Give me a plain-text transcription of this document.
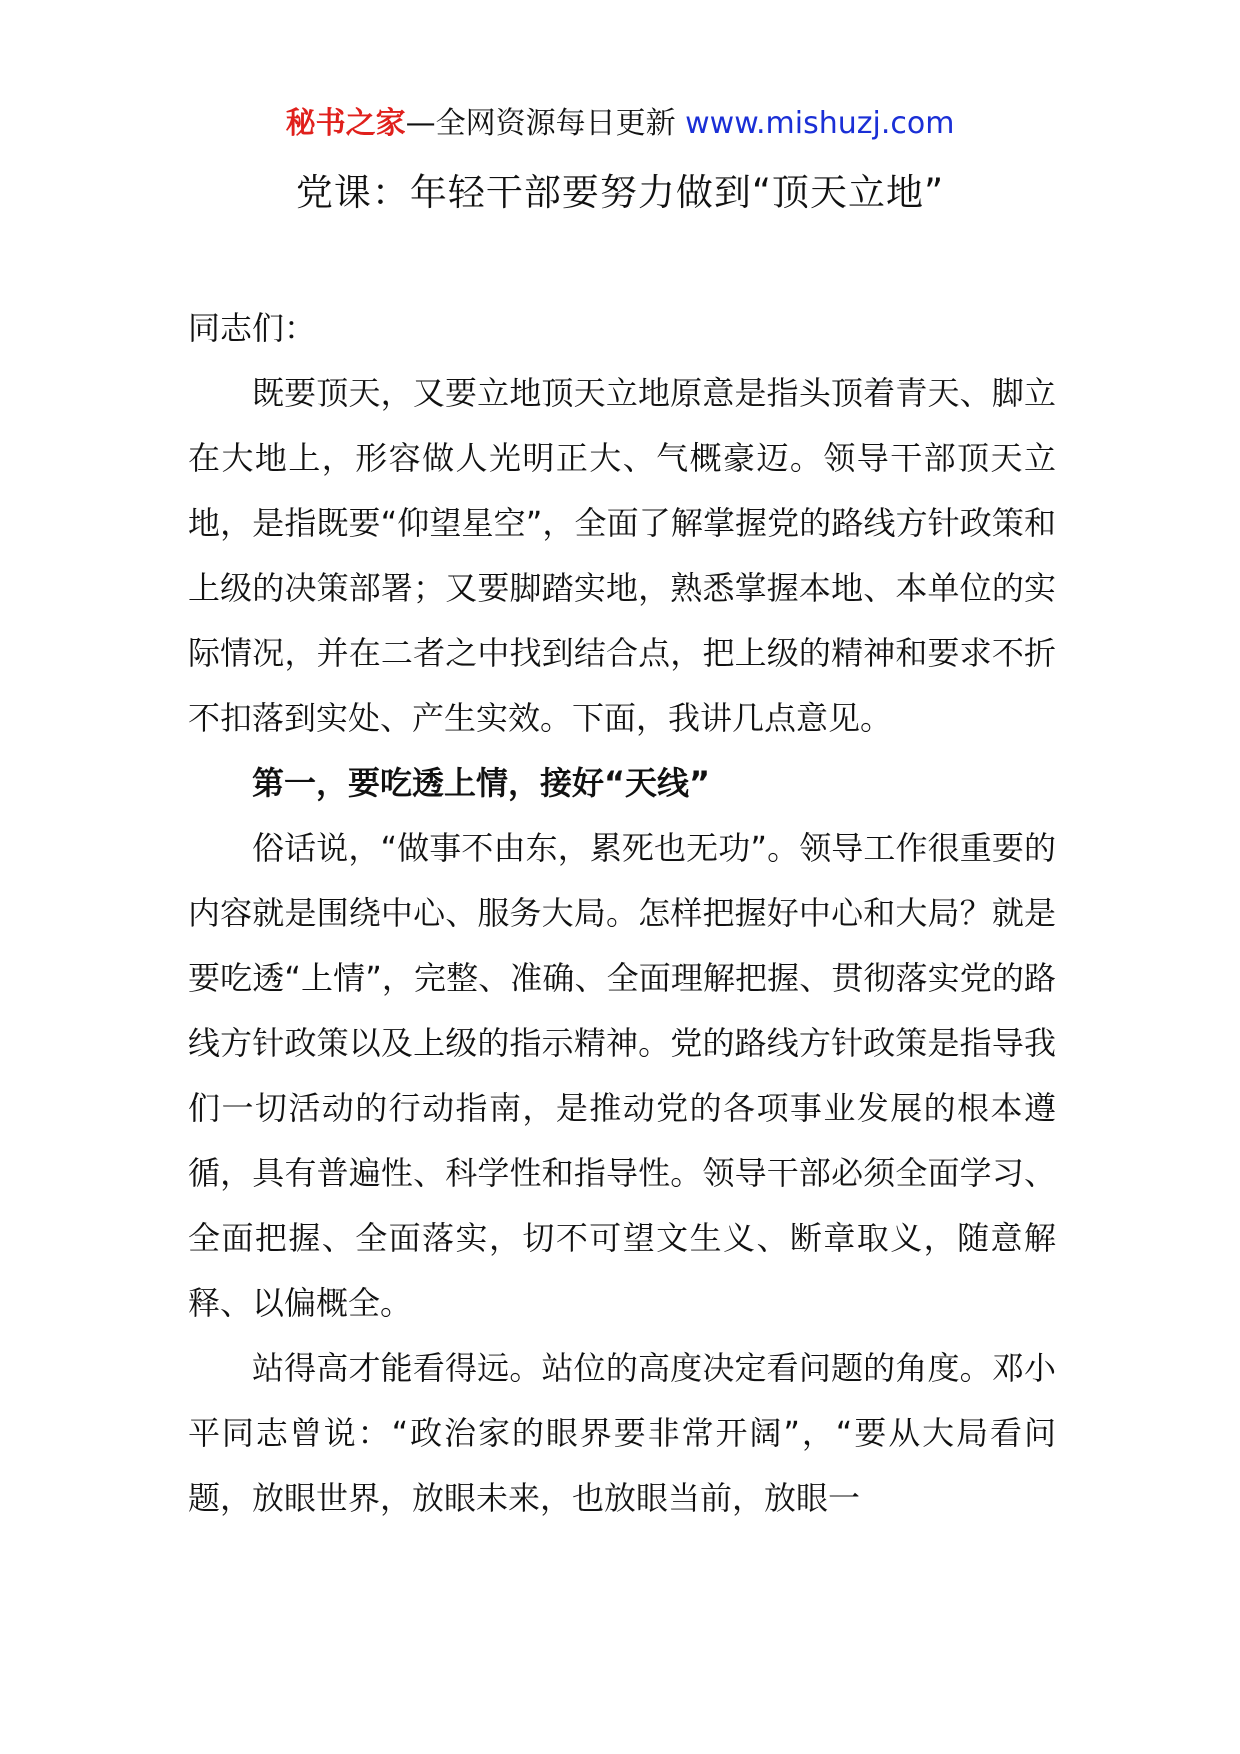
秘书之家—全网资源每日更新 www.mishuzj.com
党课：年轻干部要努力做到“顶天立地”

同志们：

既要顶天，又要立地顶天立地原意是指头顶着青天、脚立在大地上，形容做人光明正大、气概豪迈。领导干部顶天立地，是指既要“仰望星空”，全面了解掌握党的路线方针政策和上级的决策部署；又要脚踏实地，熟悉掌握本地、本单位的实际情况，并在二者之中找到结合点，把上级的精神和要求不折不扣落到实处、产生实效。下面，我讲几点意见。

第一，要吃透上情，接好“天线”

俗话说，“做事不由东，累死也无功”。领导工作很重要的内容就是围绕中心、服务大局。怎样把握好中心和大局？就是要吃透“上情”，完整、准确、全面理解把握、贯彻落实党的路线方针政策以及上级的指示精神。党的路线方针政策是指导我们一切活动的行动指南，是推动党的各项事业发展的根本遵循，具有普遍性、科学性和指导性。领导干部必须全面学习、全面把握、全面落实，切不可望文生义、断章取义，随意解释、以偏概全。

站得高才能看得远。站位的高度决定看问题的角度。邓小平同志曾说：“政治家的眼界要非常开阔”，“要从大局看问题，放眼世界，放眼未来，也放眼当前，放眼一
